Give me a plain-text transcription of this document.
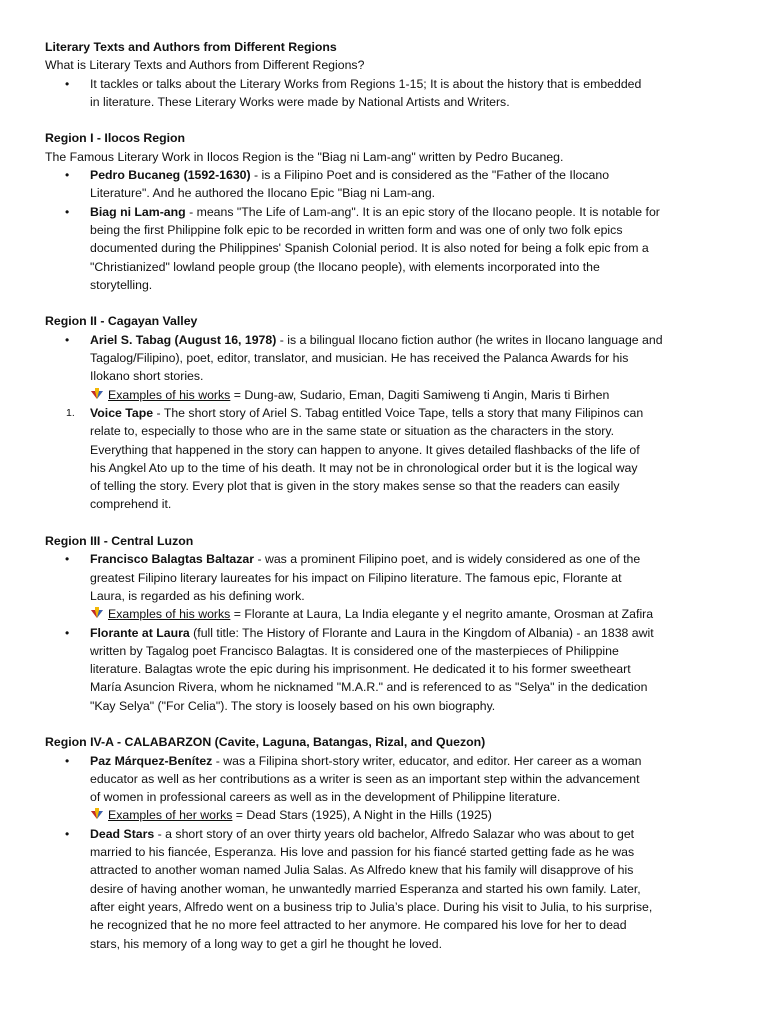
Literary Texts and Authors from Different Regions
What is Literary Texts and Authors from Different Regions?
• It tackles or talks about the Literary Works from Regions 1-15; It is about the history that is embedded
in literature. These Literary Works were made by National Artists and Writers.
Region I - Ilocos Region
The Famous Literary Work in Ilocos Region is the "Biag ni Lam-ang" written by Pedro Bucaneg.
• Pedro Bucaneg (1592-1630) - is a Filipino Poet and is considered as the "Father of the Ilocano
Literature". And he authored the Ilocano Epic "Biag ni Lam-ang.
• Biag ni Lam-ang - means "The Life of Lam-ang". It is an epic story of the Ilocano people. It is notable for
being the first Philippine folk epic to be recorded in written form and was one of only two folk epics
documented during the Philippines' Spanish Colonial period. It is also noted for being a folk epic from a
"Christianized" lowland people group (the Ilocano people), with elements incorporated into the
storytelling.
Region II - Cagayan Valley
• Ariel S. Tabag (August 16, 1978) - is a bilingual Ilocano fiction author (he writes in Ilocano language and
Tagalog/Filipino), poet, editor, translator, and musician. He has received the Palanca Awards for his
Ilokano short stories.
Examples of his works = Dung-aw, Sudario, Eman, Dagiti Samiweng ti Angin, Maris ti Birhen
1. Voice Tape - The short story of Ariel S. Tabag entitled Voice Tape, tells a story that many Filipinos can
relate to, especially to those who are in the same state or situation as the characters in the story.
Everything that happened in the story can happen to anyone. It gives detailed flashbacks of the life of
his Angkel Ato up to the time of his death. It may not be in chronological order but it is the logical way
of telling the story. Every plot that is given in the story makes sense so that the readers can easily
comprehend it.
Region III - Central Luzon
• Francisco Balagtas Baltazar - was a prominent Filipino poet, and is widely considered as one of the
greatest Filipino literary laureates for his impact on Filipino literature. The famous epic, Florante at
Laura, is regarded as his defining work.
Examples of his works = Florante at Laura, La India elegante y el negrito amante, Orosman at Zafira
• Florante at Laura (full title: The History of Florante and Laura in the Kingdom of Albania) - an 1838 awit
written by Tagalog poet Francisco Balagtas. It is considered one of the masterpieces of Philippine
literature. Balagtas wrote the epic during his imprisonment. He dedicated it to his former sweetheart
María Asuncion Rivera, whom he nicknamed "M.A.R." and is referenced to as "Selya" in the dedication
"Kay Selya" ("For Celia"). The story is loosely based on his own biography.
Region IV-A - CALABARZON (Cavite, Laguna, Batangas, Rizal, and Quezon)
• Paz Márquez-Benítez - was a Filipina short-story writer, educator, and editor. Her career as a woman
educator as well as her contributions as a writer is seen as an important step within the advancement
of women in professional careers as well as in the development of Philippine literature.
Examples of her works = Dead Stars (1925), A Night in the Hills (1925)
• Dead Stars - a short story of an over thirty years old bachelor, Alfredo Salazar who was about to get
married to his fiancée, Esperanza. His love and passion for his fiancé started getting fade as he was
attracted to another woman named Julia Salas. As Alfredo knew that his family will disapprove of his
desire of having another woman, he unwantedly married Esperanza and started his own family. Later,
after eight years, Alfredo went on a business trip to Julia’s place. During his visit to Julia, to his surprise,
he recognized that he no more feel attracted to her anymore. He compared his love for her to dead
stars, his memory of a long way to get a girl he thought he loved.
